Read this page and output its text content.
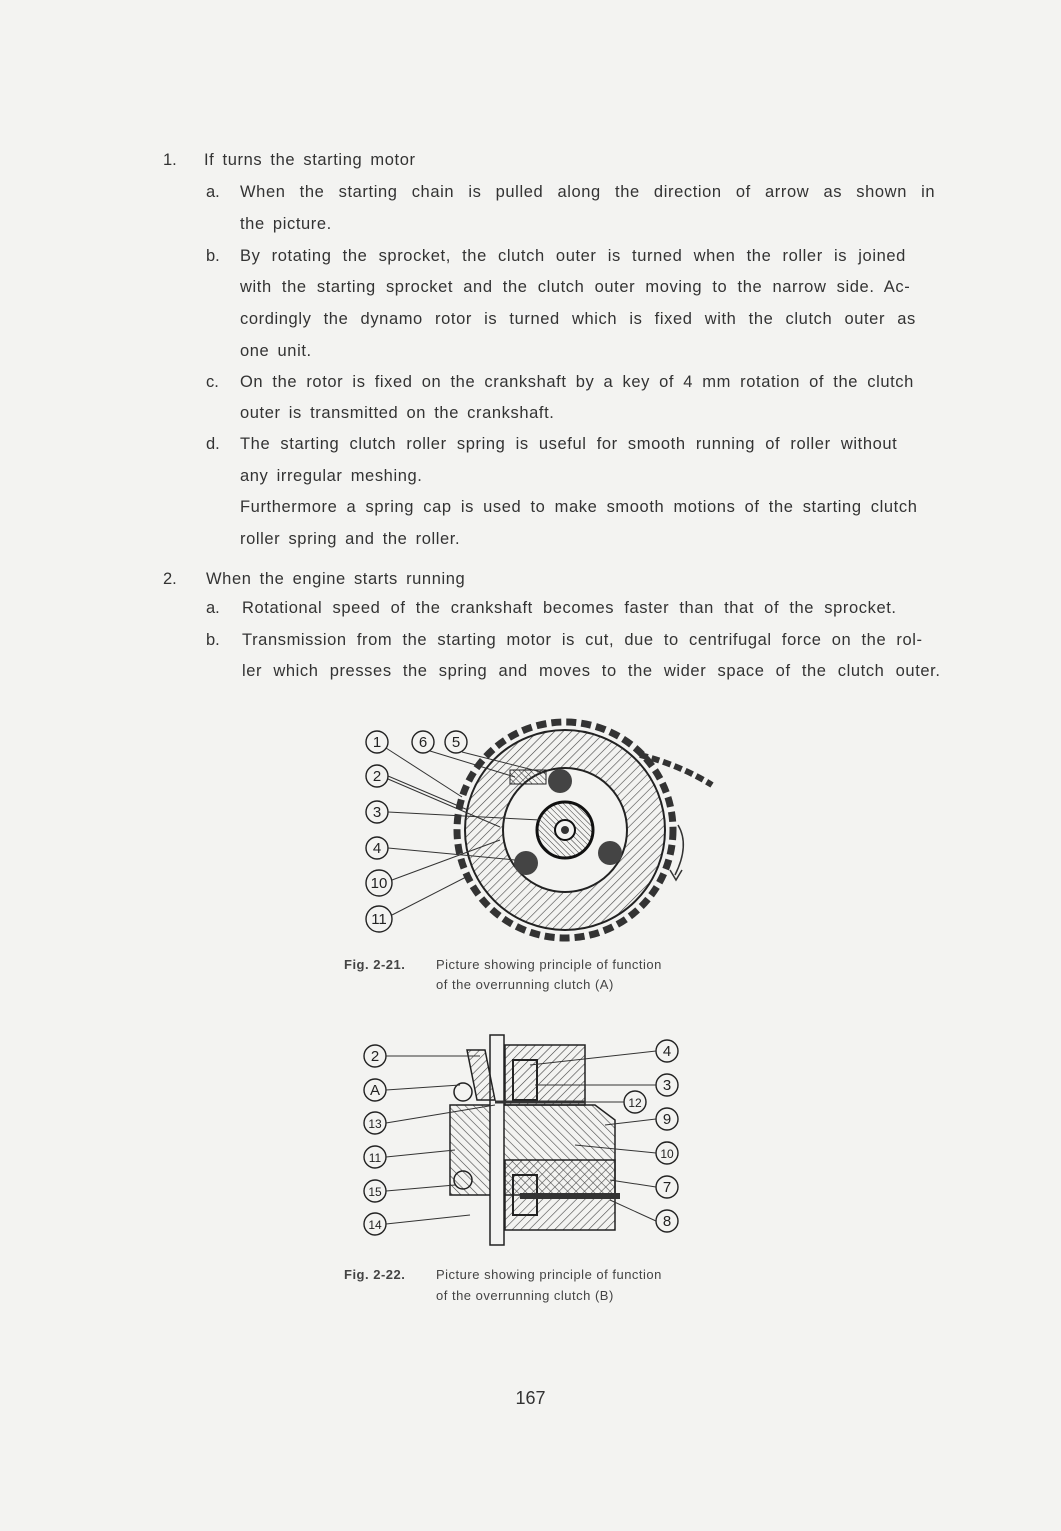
1. If turns the starting motor
a. When the starting chain is pulled along the direction of arrow as shown in
the picture.
b. By rotating the sprocket, the clutch outer is turned when the roller is joined
with the starting sprocket and the clutch outer moving to the narrow side. Ac-
cordingly the dynamo rotor is turned which is fixed with the clutch outer as
one unit.
c. On the rotor is fixed on the crankshaft by a key of 4 mm rotation of the clutch
outer is transmitted on the crankshaft.
d. The starting clutch roller spring is useful for smooth running of roller without
any irregular meshing.
Furthermore a spring cap is used to make smooth motions of the starting clutch
roller spring and the roller.
2. When the engine starts running
a. Rotational speed of the crankshaft becomes faster than that of the sprocket.
b. Transmission from the starting motor is cut, due to centrifugal force on the rol-
ler which presses the spring and moves to the wider space of the clutch outer.
1	6 5
2
3
4
10
11
Fig. 2-21. Picture showing principle of function
of the overrunning clutch (A)
2
A
13
11
15
14
4
3
12
9
10
7
8
Fig. 2-22. Picture showing principle of function
of the overrunning clutch (B)
167
